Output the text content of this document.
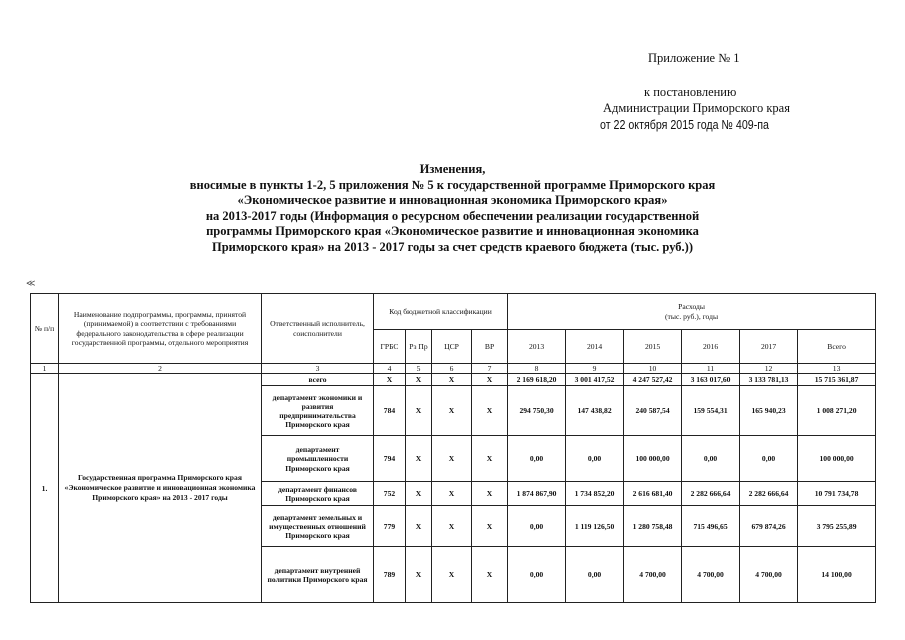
Приложение № 1
к постановлению
Администрации Приморского края
от 22 октября 2015 года № 409-па
Изменения,
вносимые в пункты 1-2, 5 приложения № 5 к государственной программе Приморского края
«Экономическое развитие и инновационная экономика Приморского края»
на 2013-2017 годы (Информация о ресурсном обеспечении реализации государственной
программы Приморского края «Экономическое развитие и инновационная экономика
Приморского края» на 2013 - 2017 годы за счет средств краевого бюджета (тыс. руб.))
≪
№ п/п	Наименование подпрограммы, программы, принятой (принимаемой) в соответствии с требованиями федерального законодательства в сфере реализации государственной программы, отдельного мероприятия	Ответственный исполнитель, соисполнители	Код бюджетной классификации				Расходы
(тыс. руб.), годы					
			ГРБС	Рз Пр	ЦСР	ВР	2013	2014	2015	2016	2017	Всего
1	2	3	4	5	6	7	8	9	10	11	12	13
1.	Государственная программа Приморского края «Экономическое развитие и инновационная экономика Приморского края» на 2013 - 2017 годы	всего	X	X	X	X	2 169 618,20	3 001 417,52	4 247 527,42	3 163 017,60	3 133 781,13	15 715 361,87
		департамент экономики и развития предпринимательства Приморского края	784	X	X	X	294 750,30	147 438,82	240 587,54	159 554,31	165 940,23	1 008 271,20
		департамент промышленности Приморского края	794	X	X	X	0,00	0,00	100 000,00	0,00	0,00	100 000,00
		департамент финансов Приморского края	752	X	X	X	1 874 867,90	1 734 852,20	2 616 681,40	2 282 666,64	2 282 666,64	10 791 734,78
		департамент земельных и имущественных отношений Приморского края	779	X	X	X	0,00	1 119 126,50	1 280 758,48	715 496,65	679 874,26	3 795 255,89
		департамент внутренней политики Приморского края	789	X	X	X	0,00	0,00	4 700,00	4 700,00	4 700,00	14 100,00
